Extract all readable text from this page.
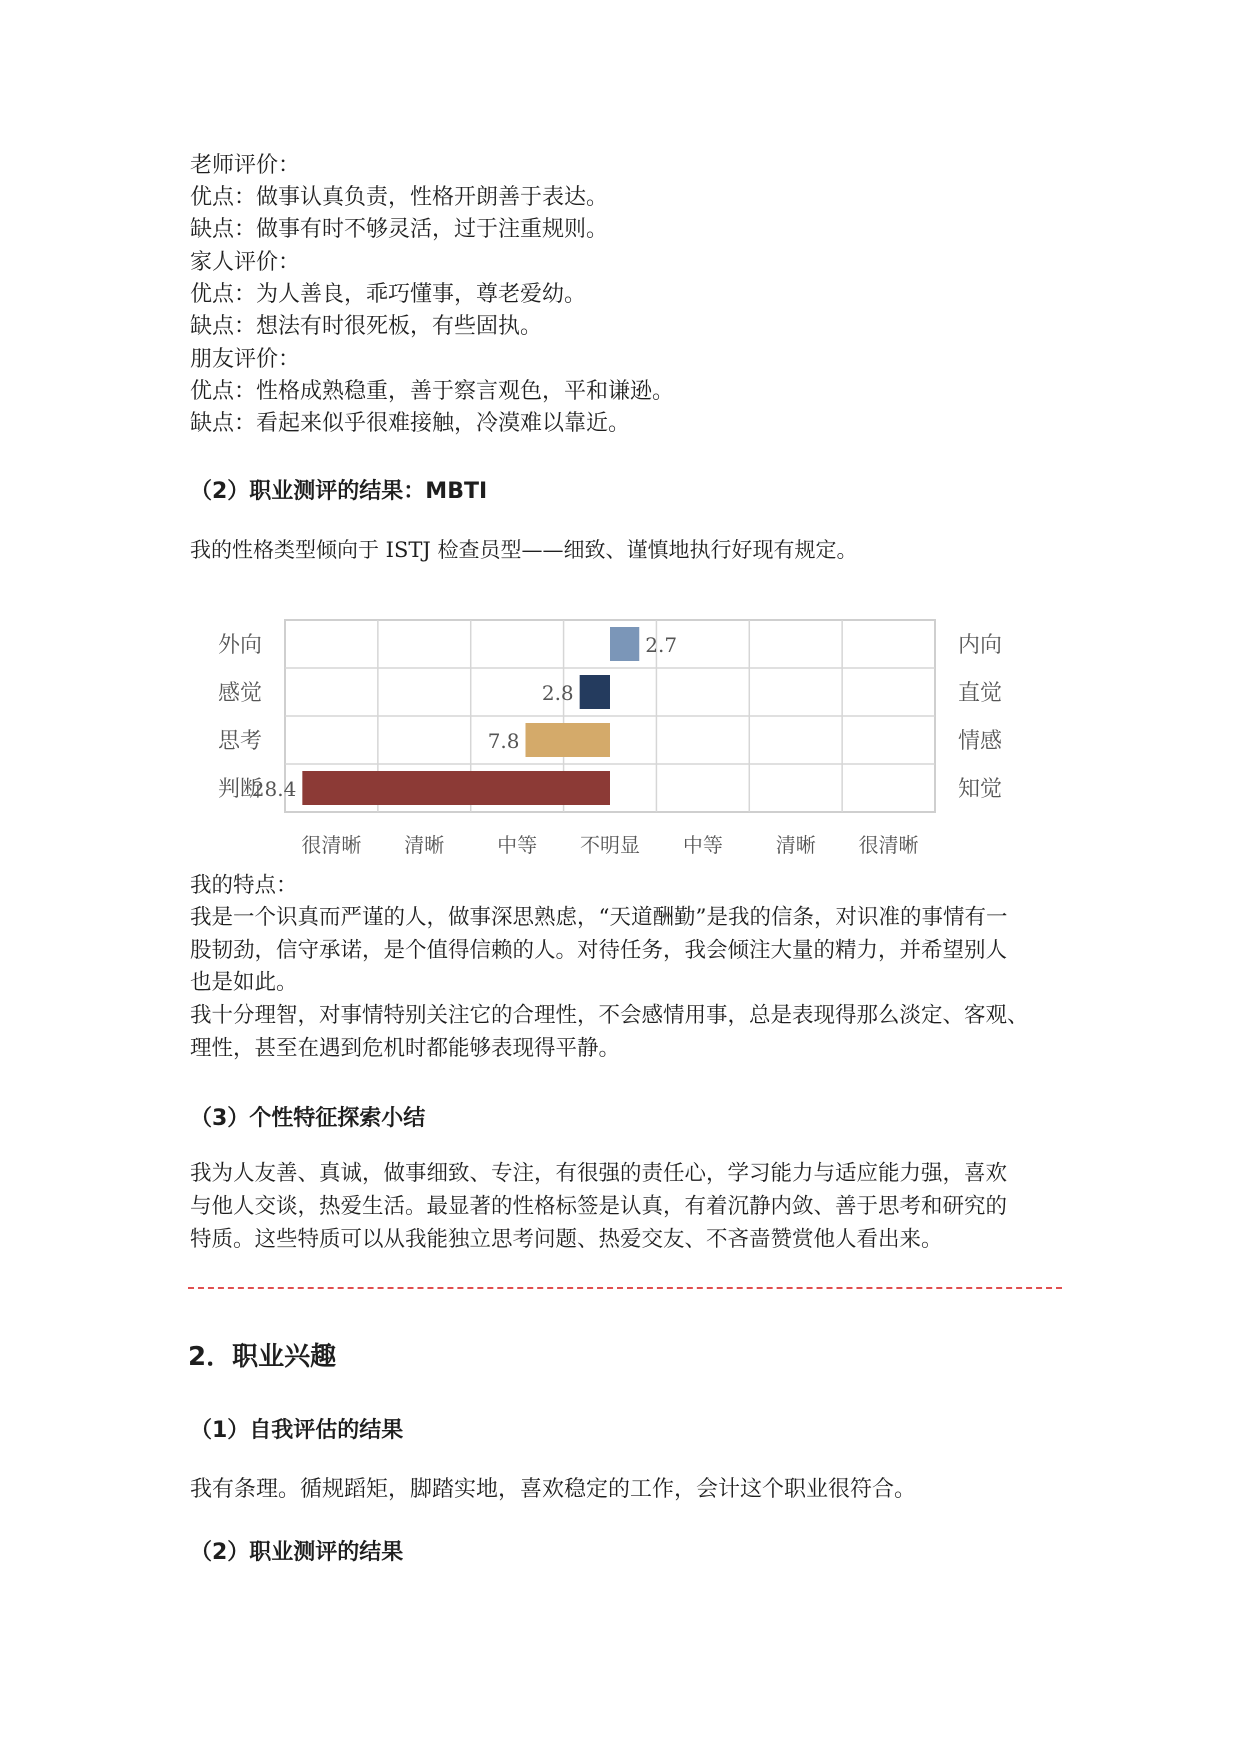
老师评价：
优点：做事认真负责，性格开朗善于表达。
缺点：做事有时不够灵活，过于注重规则。
家人评价：
优点：为人善良，乖巧懂事，尊老爱幼。
缺点：想法有时很死板，有些固执。
朋友评价：
优点：性格成熟稳重，善于察言观色，平和谦逊。
缺点：看起来似乎很难接触，冷漠难以靠近。
（2）职业测评的结果：MBTI
我的性格类型倾向于 ISTJ 检查员型——细致、谨慎地执行好现有规定。
外向	内向
2.7
感觉	直觉
2.8
思考	情感
7.8
判断	知觉
28.4
很清晰 清晰	中等 不明显 中等	清晰 很清晰
我的特点：
我是一个识真而严谨的人，做事深思熟虑，“天道酬勤”是我的信条，对识准的事情有一
股韧劲，信守承诺，是个值得信赖的人。对待任务，我会倾注大量的精力，并希望别人
也是如此。
我十分理智，对事情特别关注它的合理性，不会感情用事，总是表现得那么淡定、客观、
理性，甚至在遇到危机时都能够表现得平静。
（3）个性特征探索小结
我为人友善、真诚，做事细致、专注，有很强的责任心，学习能力与适应能力强，喜欢
与他人交谈，热爱生活。最显著的性格标签是认真，有着沉静内敛、善于思考和研究的
特质。这些特质可以从我能独立思考问题、热爱交友、不吝啬赞赏他人看出来。
2．职业兴趣
（1）自我评估的结果
我有条理。循规蹈矩，脚踏实地，喜欢稳定的工作，会计这个职业很符合。
（2）职业测评的结果
